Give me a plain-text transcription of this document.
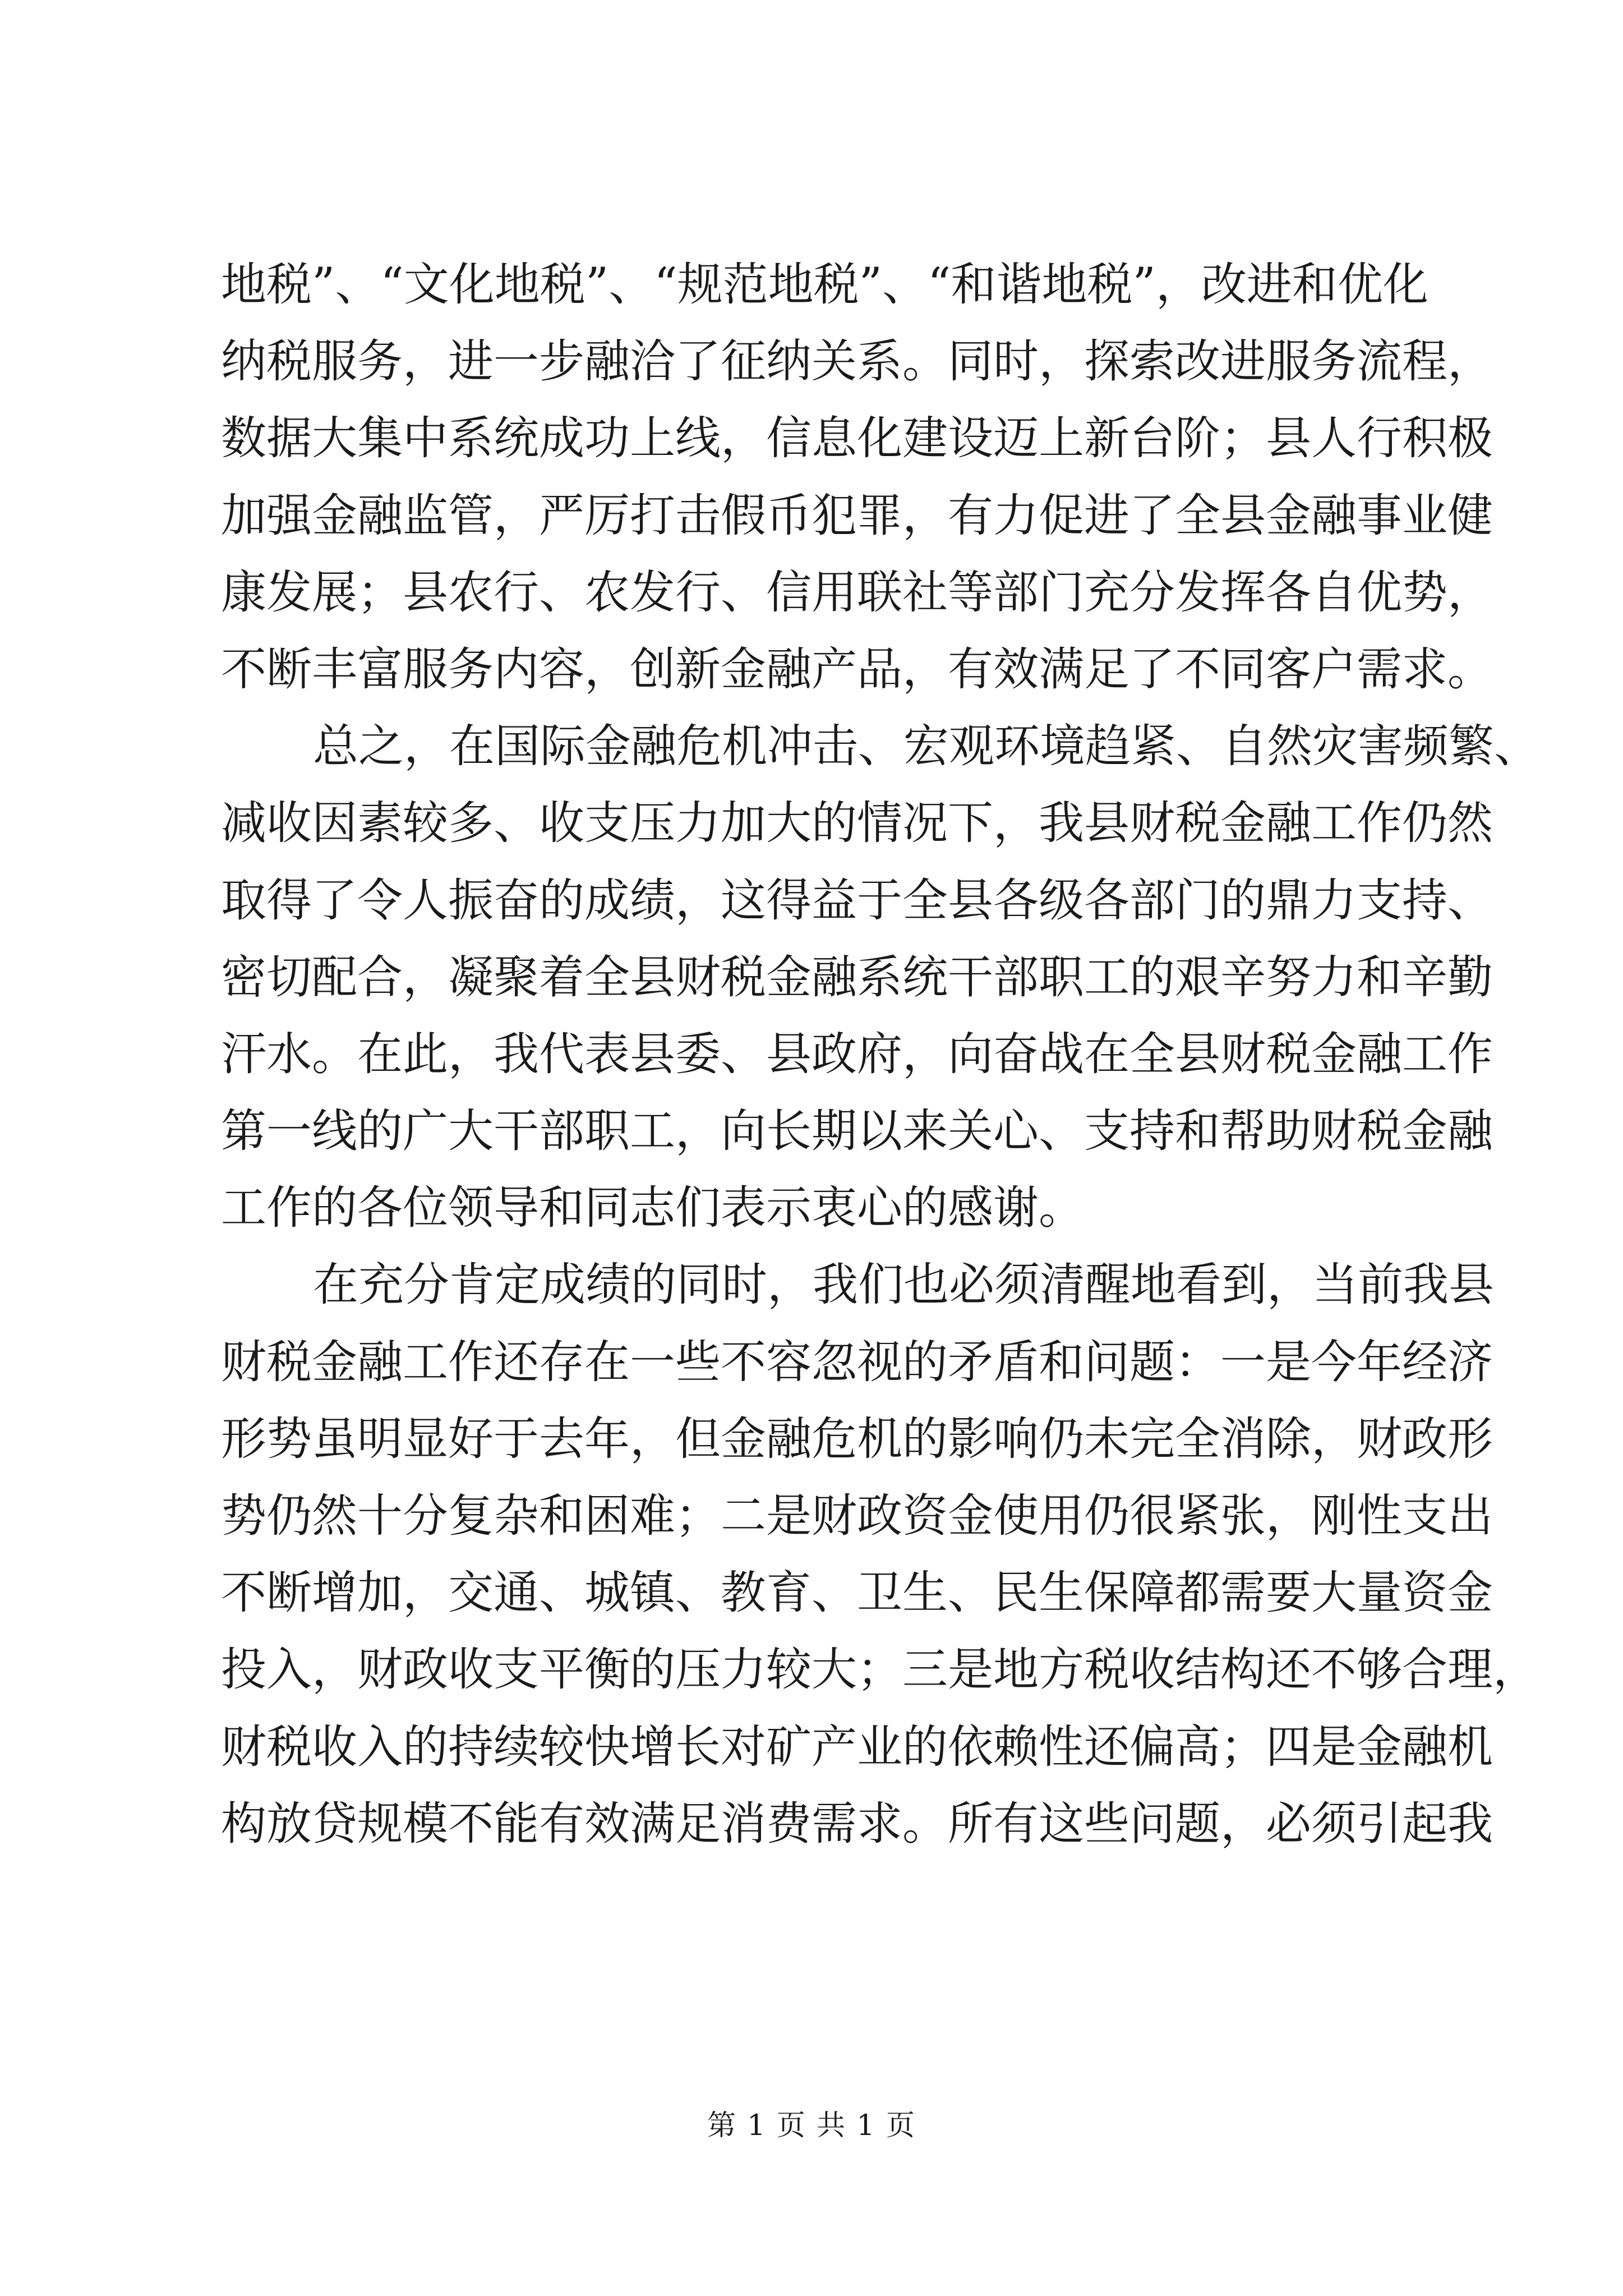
地税”、“文化地税”、“规范地税”、“和谐地税”，改进和优化
纳税服务，进一步融洽了征纳关系。同时，探索改进服务流程，
数据大集中系统成功上线，信息化建设迈上新台阶；县人行积极
加强金融监管，严厉打击假币犯罪，有力促进了全县金融事业健
康发展；县农行、农发行、信用联社等部门充分发挥各自优势，
不断丰富服务内容，创新金融产品，有效满足了不同客户需求。
总之，在国际金融危机冲击、宏观环境趋紧、自然灾害频繁、
减收因素较多、收支压力加大的情况下，我县财税金融工作仍然
取得了令人振奋的成绩，这得益于全县各级各部门的鼎力支持、
密切配合，凝聚着全县财税金融系统干部职工的艰辛努力和辛勤
汗水。在此，我代表县委、县政府，向奋战在全县财税金融工作
第一线的广大干部职工，向长期以来关心、支持和帮助财税金融
工作的各位领导和同志们表示衷心的感谢。
在充分肯定成绩的同时，我们也必须清醒地看到，当前我县
财税金融工作还存在一些不容忽视的矛盾和问题：一是今年经济
形势虽明显好于去年，但金融危机的影响仍未完全消除，财政形
势仍然十分复杂和困难；二是财政资金使用仍很紧张，刚性支出
不断增加，交通、城镇、教育、卫生、民生保障都需要大量资金
投入，财政收支平衡的压力较大；三是地方税收结构还不够合理，
财税收入的持续较快增长对矿产业的依赖性还偏高；四是金融机
构放贷规模不能有效满足消费需求。所有这些问题，必须引起我
第 1 页 共 1 页
